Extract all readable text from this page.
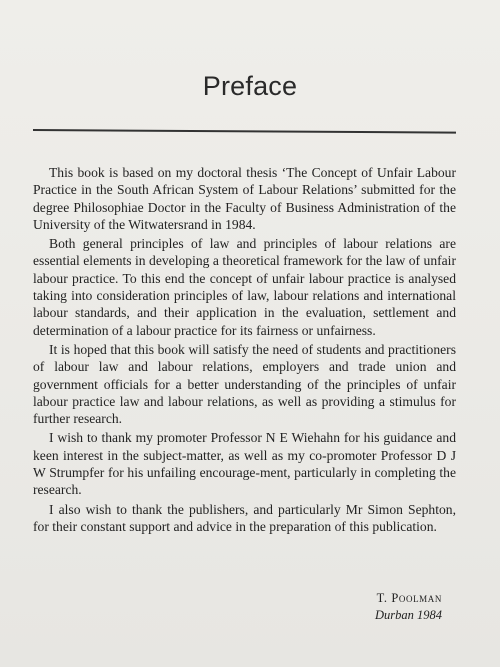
Preface

This book is based on my doctoral thesis ‘The Concept of Unfair Labour Practice in the South African System of Labour Relations’ submitted for the degree Philosophiae Doctor in the Faculty of Business Administration of the University of the Witwatersrand in 1984.

Both general principles of law and principles of labour relations are essential elements in developing a theoretical framework for the law of unfair labour practice. To this end the concept of unfair labour practice is analysed taking into consideration principles of law, labour relations and international labour standards, and their application in the evaluation, settlement and determination of a labour practice for its fairness or unfairness.

It is hoped that this book will satisfy the need of students and practitioners of labour law and labour relations, employers and trade union and government officials for a better understanding of the principles of unfair labour practice law and labour relations, as well as providing a stimulus for further research.

I wish to thank my promoter Professor N E Wiehahn for his guidance and keen interest in the subject-matter, as well as my co-promoter Professor D J W Strumpfer for his unfailing encourage-ment, particularly in completing the research.

I also wish to thank the publishers, and particularly Mr Simon Sephton, for their constant support and advice in the preparation of this publication.

T. Poolman
Durban 1984
